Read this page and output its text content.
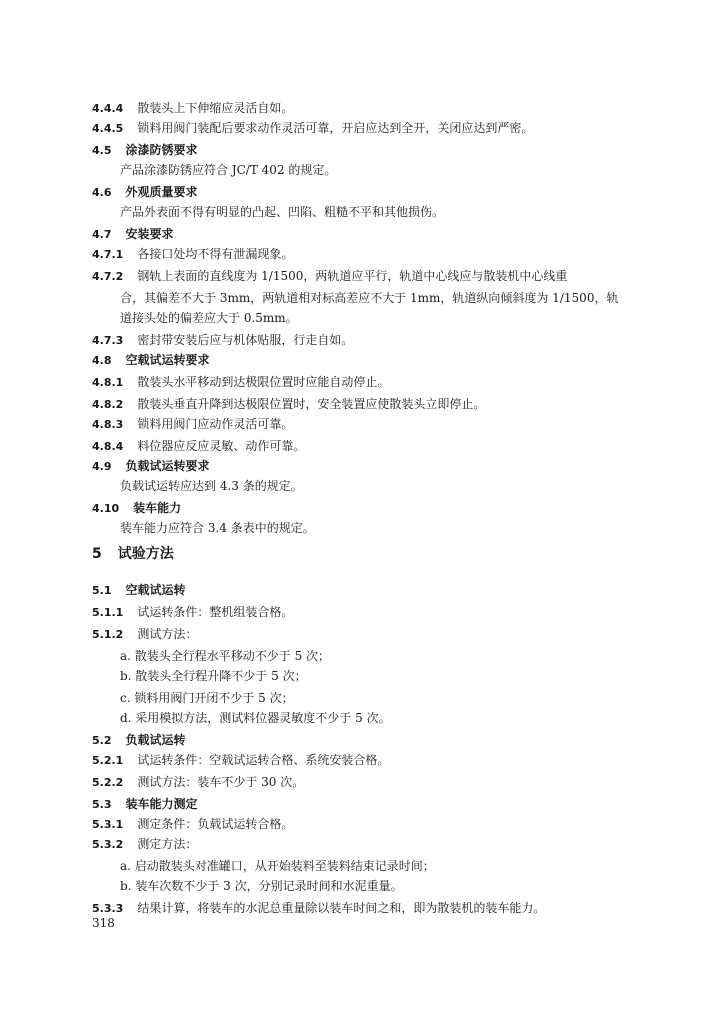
4.4.4 散装头上下伸缩应灵活自如。
4.4.5 锁料用阀门装配后要求动作灵活可靠，开启应达到全开，关闭应达到严密。
4.5 涂漆防锈要求
产品涂漆防锈应符合 JC/T 402 的规定。
4.6 外观质量要求
产品外表面不得有明显的凸起、凹陷、粗糙不平和其他损伤。
4.7 安装要求
4.7.1 各接口处均不得有泄漏现象。
4.7.2 钢轨上表面的直线度为 1/1500，两轨道应平行，轨道中心线应与散装机中心线重
合，其偏差不大于 3mm，两轨道相对标高差应不大于 1mm，轨道纵向倾斜度为 1/1500，轨
道接头处的偏差应大于 0.5mm。
4.7.3 密封带安装后应与机体贴服，行走自如。
4.8 空载试运转要求
4.8.1 散装头水平移动到达极限位置时应能自动停止。
4.8.2 散装头垂直升降到达极限位置时，安全装置应使散装头立即停止。
4.8.3 锁料用阀门应动作灵活可靠。
4.8.4 料位器应反应灵敏、动作可靠。
4.9 负载试运转要求
负载试运转应达到 4.3 条的规定。
4.10 装车能力
装车能力应符合 3.4 条表中的规定。
5 试验方法
5.1 空载试运转
5.1.1 试运转条件：整机组装合格。
5.1.2 测试方法：
a. 散装头全行程水平移动不少于 5 次；
b. 散装头全行程升降不少于 5 次；
c. 锁料用阀门开闭不少于 5 次；
d. 采用模拟方法，测试料位器灵敏度不少于 5 次。
5.2 负载试运转
5.2.1 试运转条件：空载试运转合格、系统安装合格。
5.2.2 测试方法：装车不少于 30 次。
5.3 装车能力测定
5.3.1 测定条件：负载试运转合格。
5.3.2 测定方法：
a. 启动散装头对准罐口，从开始装料至装料结束记录时间；
b. 装车次数不少于 3 次，分别记录时间和水泥重量。
5.3.3 结果计算，将装车的水泥总重量除以装车时间之和，即为散装机的装车能力。
318
